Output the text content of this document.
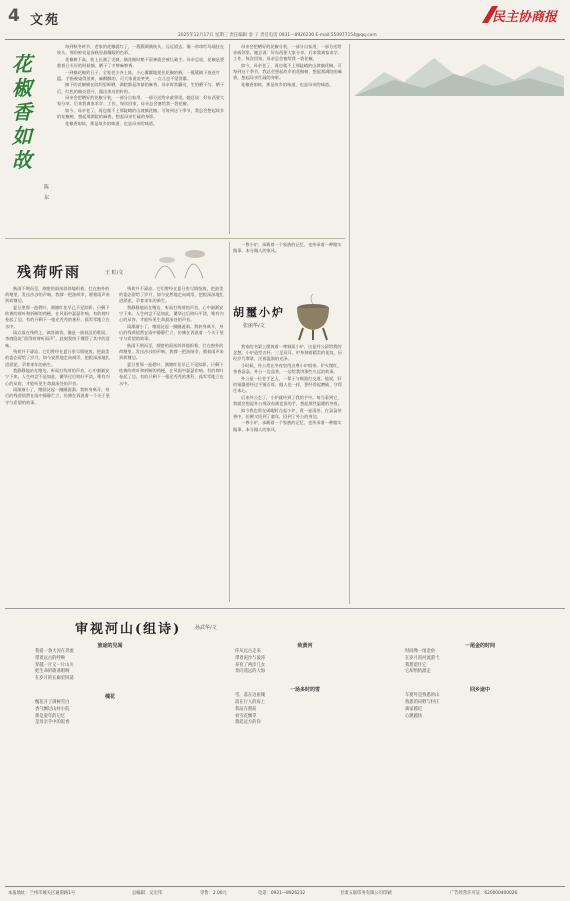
4 文苑	民主协商报
2025年12月17日 星期三 责任编辑 金 子 责任电话 0931—8926230 E-mail:550977154@qq.com
花
椒
香
如
故
陈 东

每到秋冬时节，老家的花椒就红了，一簇簇缀满枝头，远远望去，像一串串红玛瑙挂在枝头，那份鲜亮是深秋里最耀眼的色彩。

花椒树不高，枝上长满了尖刺，摘花椒时稍不留神就会被扎破手。母亲总说，花椒是要趁着日头好的时候摘，晒干了才够麻够香。

一到摘花椒的日子，全家老少齐上阵，小心翼翼地捏住花椒的柄，一簇簇摘下放进竹篮。手指被染得黑黄，麻酥酥的，可大家说说笑笑，一点儿也不觉得累。

摘下的花椒铺在院坝里晾晒，满院都是浓郁的麻香。母亲时常翻动，生怕晒不匀。晒干后，红色的椒壳裂开，露出黑亮的籽粒。

母亲会把晒好的花椒分装，一部分自家用，一部分送给亲戚邻里。她总说：好东西要大家分享。后来我离家求学、工作，每次回家，母亲总会塞给我一袋花椒。

如今，母亲老了，再也爬不上那陡峭的山坡摘花椒。可每到这个季节，我总会想起故乡的花椒树，想起那满院的麻香，想起母亲忙碌的身影。

花椒香如故，那是故乡的味道，也是母亲的味道。

母亲会把晒好的花椒分装，一部分自家用，一部分送给亲戚邻里。她总说：好东西要大家分享。后来我离家求学、工作，每次回家，母亲总会塞给我一袋花椒。

如今，母亲老了，再也爬不上那陡峭的山坡摘花椒。可每到这个季节，我总会想起故乡的花椒树，想起那满院的麻香，想起母亲忙碌的身影。

花椒香如故，那是故乡的味道，也是母亲的味道。

残荷听雨	王 虹/文

秋雨不期而至，细密的雨丝斜斜地织着，打在窗外的荷塘里，发出沙沙的声响。我撑一把油纸伞，循着雨声来到荷塘边。

夏日里那一池碧叶、满塘红花早已不见踪影，只剩下枯黄的荷叶和折断的荷梗，在风雨中瑟瑟作响。有的荷叶卷起了边，有的只剩下一根光秃秃的茎秆，孤零零地立在水中。

雨点落在残荷上，滴答滴答，像是一曲低沉的歌谣。李商隐说“留得枯荷听雨声”，此刻我终于懂得了其中的意味。

残荷并不凄凉。它们曾经在夏日里尽情绽放，把最美的姿态留给了岁月，如今安然地走向凋零，把根深深地扎进淤泥，孕育来年的新生。

我静静地站在塘边，听雨打残荷的声音，心中渐渐安宁下来。人生何尝不是如此，繁华过后终归平淡，唯有内心的从容，才能听见生命最深处的声音。

雨渐渐小了，塘面泛起一圈圈涟漪。我转身离开，身后的残荷依然在雨中静静伫立，仿佛在诉说着一个关于坚守与希望的故事。

残荷并不凄凉。它们曾经在夏日里尽情绽放，把最美的姿态留给了岁月，如今安然地走向凋零，把根深深地扎进淤泥，孕育来年的新生。

我静静地站在塘边，听雨打残荷的声音，心中渐渐安宁下来。人生何尝不是如此，繁华过后终归平淡，唯有内心的从容，才能听见生命最深处的声音。

雨渐渐小了，塘面泛起一圈圈涟漪。我转身离开，身后的残荷依然在雨中静静伫立，仿佛在诉说着一个关于坚守与希望的故事。

秋雨不期而至，细密的雨丝斜斜地织着，打在窗外的荷塘里，发出沙沙的声响。我撑一把油纸伞，循着雨声来到荷塘边。

夏日里那一池碧叶、满塘红花早已不见踪影，只剩下枯黄的荷叶和折断的荷梗，在风雨中瑟瑟作响。有的荷叶卷起了边，有的只剩下一根光秃秃的茎秆，孤零零地立在水中。

一尊小炉，承载着一个家族的记忆，也传承着一种踏实做事、本分做人的家风。

胡璽小炉
张丽华/文

我家的书架上摆放着一尊铜质小炉，这是外公留给我的念想。小炉造型古朴，三足双耳，炉身刻着精美的花纹，历经岁月摩挲，泛着温润的光泽。

小时候，外公常在冬夜里用这尊小炉煨茶。炉火微红，茶香袅袅，外公一边品茶，一边给我讲那些久远的故事。

外公是一位老手艺人，一辈子与铜器打交道。他说，好的铜器要经过千锤百炼，做人也一样，要经得起磨砺，守得住本心。

后来外公走了，小炉就传到了我的手中。每当看到它，我就会想起外公那双布满老茧的手，想起那些温暖的冬夜。

如今我也常在闲暇时点起小炉，煮一壶清茶，在袅袅茶香中，仿佛又回到了童年，回到了外公的身边。

一尊小炉，承载着一个家族的记忆，也传承着一种踏实做事、本分做人的家风。

审视河山(组诗)	孙武华/文
旅途的见闻
我爱一条大河在奔流
带着远古的呼唤
穿越一片又一片山川
把生命的歌谣唱响
在岁月的长廊里回荡
槐花
槐花开了满树雪白
香气飘过山村小院
那是童年的记忆
是母亲手中的饭香
致黄河
你从远古走来
带着泥沙与波涛
养育了两岸儿女
奔向遥远的大海
一场多时的雪
雪，落在这座城
落在行人的肩上
我站在窗前
看雪花飘零
想起远方的你
一尾金的时间
时间像一尾金鱼
在岁月的河流游弋
我想留住它
它却悄悄溜走
回乡途中
车窗外是熟悉的山
熟悉的田野与村庄
离家越近
心跳越快
本报地址：兰州市城关区通渭路1号	总编辑：吴宏伟	零售：2.00元	电话：0931—8926232	甘肃五联印务有限公司印刷	广告经营许可证：620000400026
